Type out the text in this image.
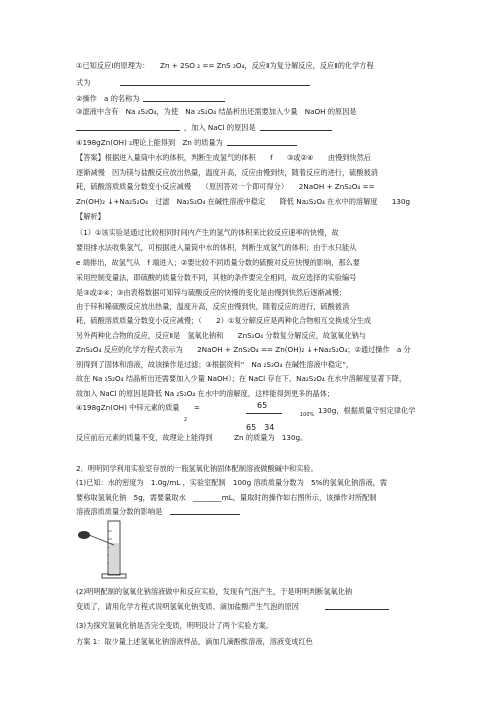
①已知反应Ⅰ的原理为：　　Zn + 2SO ₂ == ZnS ₂O₄，反应Ⅱ为复分解反应，反应Ⅱ的化学方程
式为
②操作　a 的名称为
③滤液中含有　Na ₂S₂O₄，为使　Na ₂S₂O₄ 结晶析出还需要加入少量　NaOH 的原因是
，加入 NaCl 的原因是
④198gZn(OH) ₂理论上能得到　Zn 的质量为
【答案】根据进入量筒中水的体积，判断生成氢气的体积　　f　　③或②④　　由慢到快然后
逐渐减慢　因为镁与盐酸反应放出热量，温度升高，反应由慢到快，随着反应的进行，硫酸被消
耗，硫酸溶质质量分数变小反应减慢　　（原因答对一个即可得分）　　2NaOH + ZnS₂O₄ ==
Zn(OH)₂ ↓+Na₂S₂O₄　过滤　Na₂S₂O₄ 在碱性溶液中稳定　　降低 Na₂S₂O₄ 在水中的溶解度　　130g
【解析】
（1）①该实验是通过比较相同时间内产生的氢气的体积来比较反应速率的快慢，故
要用排水法收集氢气，可根据进入量筒中水的体积，判断生成氢气的体积；由于水只能从
e 端排出，故氢气从　f 端进入；②要比较不同质量分数的硫酸对反应快慢的影响，那么要
采用控制变量法，即硫酸的质量分数不同，其他的条件要完全相同，故应选择的实验编号
是③或②④；③由表格数据可知锌与硫酸反应的快慢的变化是由慢到快然后逐渐减慢；
由于锌和稀硫酸反应放出热量，温度升高，反应由慢到快，随着反应的进行，硫酸被消
耗，硫酸溶质质量分数变小反应减慢；（　　2）①复分解反应是两种化合物相互交换成分生成
另外两种化合物的反应，反应Ⅱ是　氢氧化钠和　　ZnS₂O₄ 分数复分解反应，故氢氧化钠与
ZnS₂O₄ 反应的化学方程式表示为　　2NaOH + ZnS₂O₄ == Zn(OH)₂ ↓+Na₂S₂O₄；②通过操作　a 分
别得到了固体和溶液，故该操作是过滤；③根据资料“　Na ₂S₂O₄ 在碱性溶液中稳定”，
故在 Na ₂S₂O₄ 结晶析出还需要加入少量 NaOH）；在 NaCl 存在下，Na₂S₂O₄ 在水中溶解度显著下降，
故加入 NaCl 的原因是降低 Na ₂S₂O₄ 在水中的溶解度，这样能得到更多的晶体；
④198gZn(OH) 中锌元素的质量　　=	65
100%
65　34
2
130g，根据质量守恒定律化学
反应前后元素的质量不变，故理论上能得到　　　Zn 的质量为　130g。
2．明明同学利用实验室存放的一瓶氢氧化钠固体配制溶液做酸碱中和实验。
(1)已知：水的密度为　1.0g/mL ，实验室配制　100g 溶质质量分数为　5%的氢氧化钠溶液，需
要称取氢氧化钠　5g，需要量取水　________mL，量取时的操作如右图所示，该操作对所配制
溶液溶质质量分数的影响是
(2)明明配制的氢氧化钠溶液做中和反应实验，发现有气泡产生，于是明明判断氢氧化钠
变质了，请用化学方程式说明氢氧化钠变质、滴加盐酸产生气泡的原因
(3)为探究氢氧化钠是否完全变质，明明设计了两个实验方案。
方案 1：取少量上述氢氧化钠溶液样品，滴加几滴酚酞溶液，溶液变成红色
